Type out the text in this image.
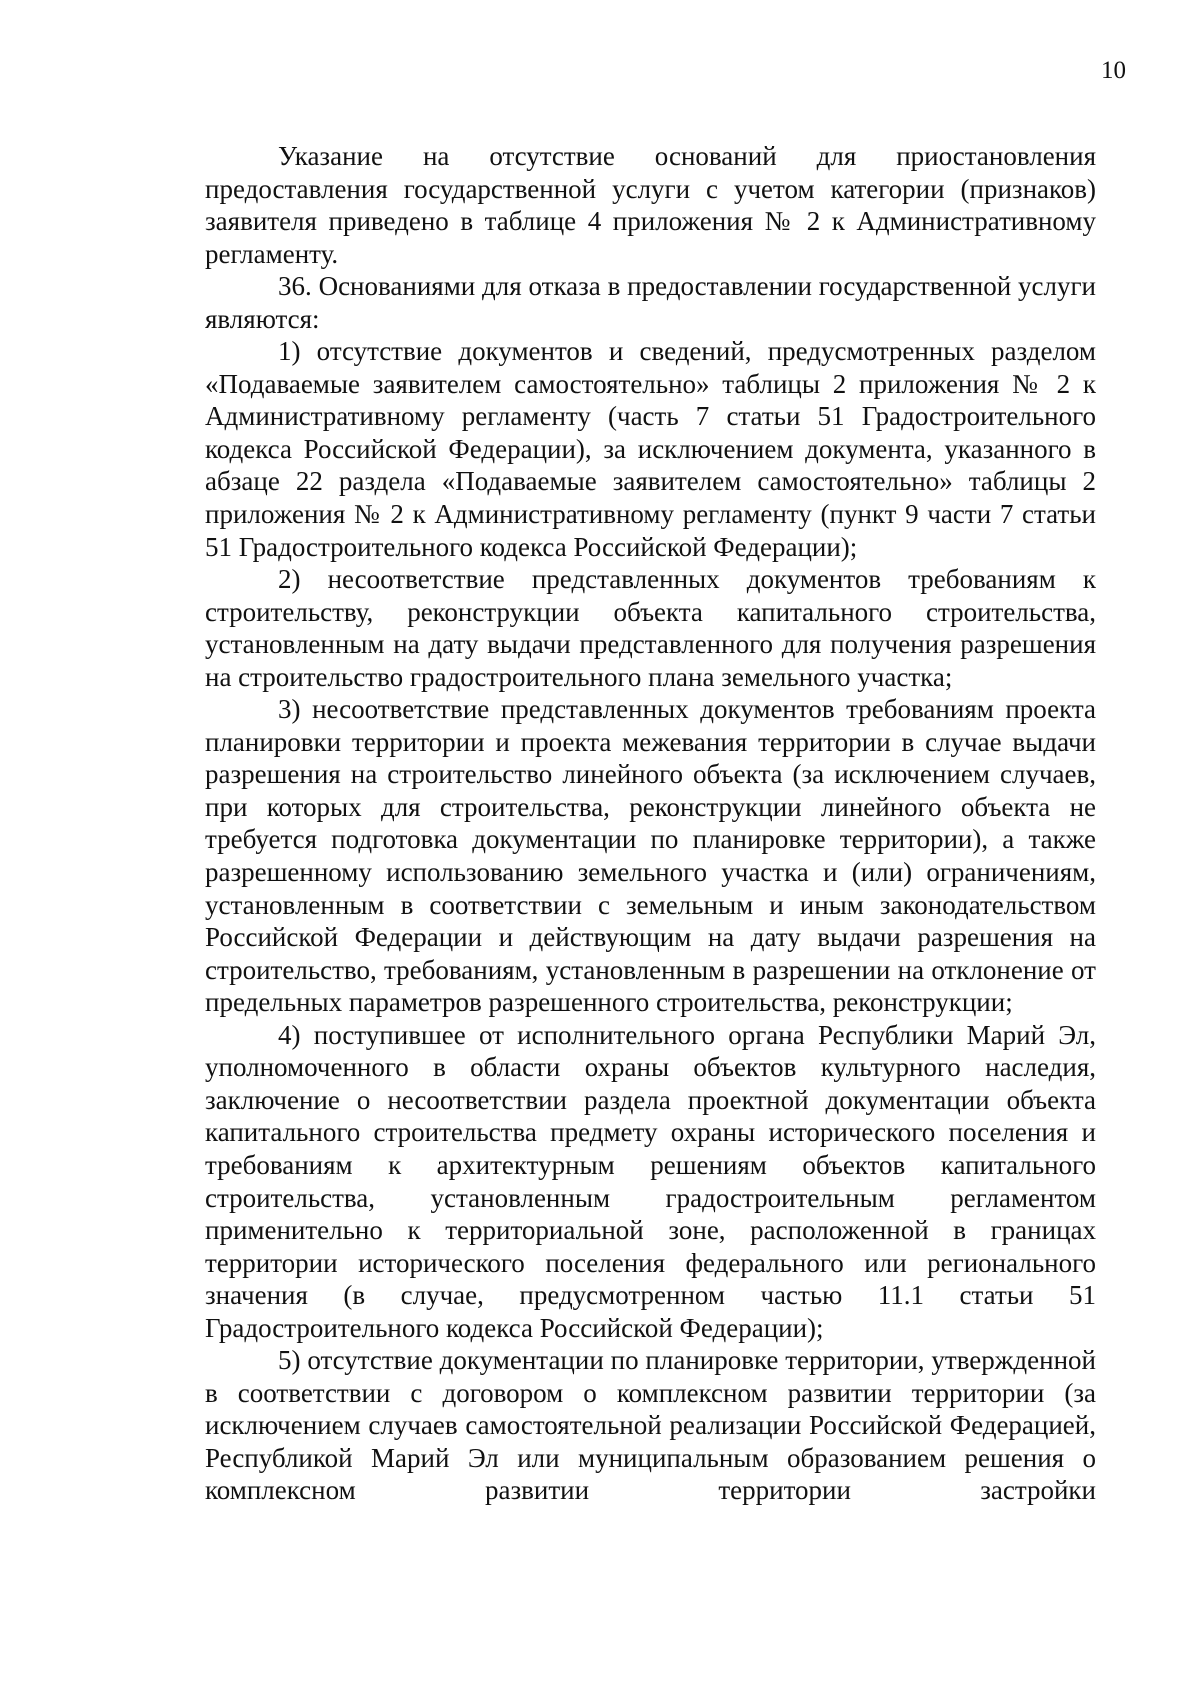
10

Указание на отсутствие оснований для приостановления предоставления государственной услуги с учетом категории (признаков) заявителя приведено в таблице 4 приложения № 2 к Административному регламенту.

36. Основаниями для отказа в предоставлении государственной услуги являются:

1) отсутствие документов и сведений, предусмотренных разделом «Подаваемые заявителем самостоятельно» таблицы 2 приложения № 2 к Административному регламенту (часть 7 статьи 51 Градостроительного кодекса Российской Федерации), за исключением документа, указанного в абзаце 22 раздела «Подаваемые заявителем самостоятельно» таблицы 2 приложения № 2 к Административному регламенту (пункт 9 части 7 статьи 51 Градостроительного кодекса Российской Федерации);

2) несоответствие представленных документов требованиям к строительству, реконструкции объекта капитального строительства, установленным на дату выдачи представленного для получения разрешения на строительство градостроительного плана земельного участка;

3) несоответствие представленных документов требованиям проекта планировки территории и проекта межевания территории в случае выдачи разрешения на строительство линейного объекта (за исключением случаев, при которых для строительства, реконструкции линейного объекта не требуется подготовка документации по планировке территории), а также разрешенному использованию земельного участка и (или) ограничениям, установленным в соответствии с земельным и иным законодательством Российской Федерации и действующим на дату выдачи разрешения на строительство, требованиям, установленным в разрешении на отклонение от предельных параметров разрешенного строительства, реконструкции;

4) поступившее от исполнительного органа Республики Марий Эл, уполномоченного в области охраны объектов культурного наследия, заключение о несоответствии раздела проектной документации объекта капитального строительства предмету охраны исторического поселения и требованиям к архитектурным решениям объектов капитального строительства, установленным градостроительным регламентом применительно к территориальной зоне, расположенной в границах территории исторического поселения федерального или регионального значения (в случае, предусмотренном частью 11.1 статьи 51 Градостроительного кодекса Российской Федерации);

5) отсутствие документации по планировке территории, утвержденной в соответствии с договором о комплексном развитии территории (за исключением случаев самостоятельной реализации Российской Федерацией, Республикой Марий Эл или муниципальным образованием решения о комплексном развитии территории застройки
